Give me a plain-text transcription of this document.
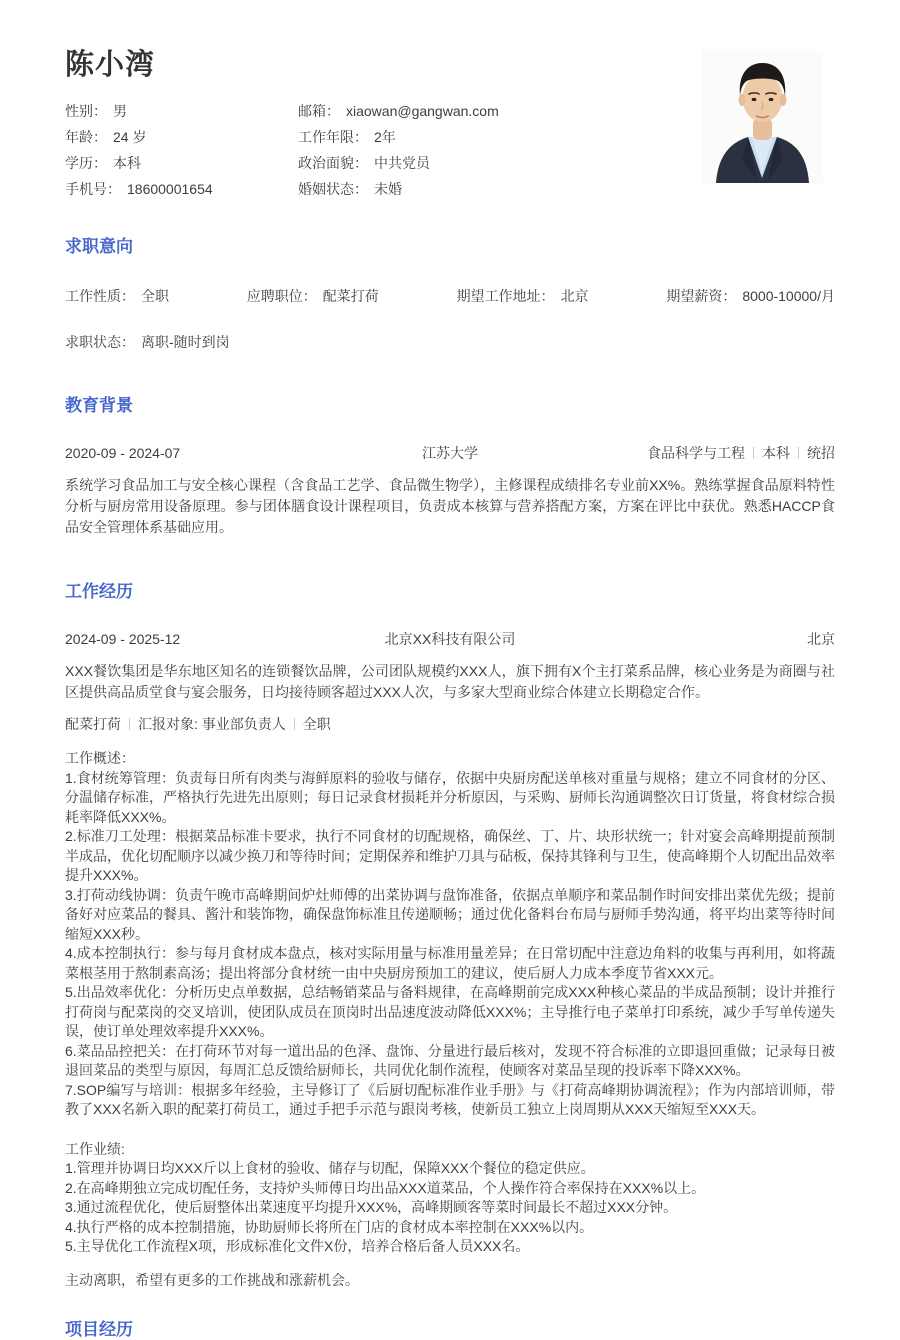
陈小湾
性别： 男	邮箱： xiaowan@gangwan.com
年龄： 24 岁	工作年限： 2年
学历： 本科	政治面貌： 中共党员
手机号： 18600001654	婚姻状态： 未婚
求职意向
工作性质： 全职	应聘职位： 配菜打荷	期望工作地址： 北京	期望薪资： 8000-10000/月
求职状态： 离职-随时到岗
教育背景
2020-09 - 2024-07	江苏大学	食品科学与工程 本科 统招
系统学习食品加工与安全核心课程（含食品工艺学、食品微生物学），主修课程成绩排名专业前XX%。熟练掌握食品原料特性分析与厨房常用设备原理。参与团体膳食设计课程项目，负责成本核算与营养搭配方案，方案在评比中获优。熟悉HACCP食品安全管理体系基础应用。
工作经历
2024-09 - 2025-12	北京XX科技有限公司	北京
XXX餐饮集团是华东地区知名的连锁餐饮品牌，公司团队规模约XXX人，旗下拥有X个主打菜系品牌，核心业务是为商圈与社区提供高品质堂食与宴会服务，日均接待顾客超过XXX人次，与多家大型商业综合体建立长期稳定合作。
配菜打荷 汇报对象: 事业部负责人 全职
工作概述：
1.食材统筹管理：负责每日所有肉类与海鲜原料的验收与储存，依据中央厨房配送单核对重量与规格；建立不同食材的分区、分温储存标准，严格执行先进先出原则；每日记录食材损耗并分析原因，与采购、厨师长沟通调整次日订货量，将食材综合损耗率降低XXX%。
2.标准刀工处理：根据菜品标准卡要求，执行不同食材的切配规格，确保丝、丁、片、块形状统一；针对宴会高峰期提前预制半成品，优化切配顺序以减少换刀和等待时间；定期保养和维护刀具与砧板，保持其锋利与卫生，使高峰期个人切配出品效率提升XXX%。
3.打荷动线协调：负责午晚市高峰期间炉灶师傅的出菜协调与盘饰准备，依据点单顺序和菜品制作时间安排出菜优先级；提前备好对应菜品的餐具、酱汁和装饰物，确保盘饰标准且传递顺畅；通过优化备料台布局与厨师手势沟通，将平均出菜等待时间缩短XXX秒。
4.成本控制执行：参与每月食材成本盘点，核对实际用量与标准用量差异；在日常切配中注意边角料的收集与再利用，如将蔬菜根茎用于熬制素高汤；提出将部分食材统一由中央厨房预加工的建议，使后厨人力成本季度节省XXX元。
5.出品效率优化：分析历史点单数据，总结畅销菜品与备料规律，在高峰期前完成XXX种核心菜品的半成品预制；设计并推行打荷岗与配菜岗的交叉培训，使团队成员在顶岗时出品速度波动降低XXX%；主导推行电子菜单打印系统，减少手写单传递失误，使订单处理效率提升XXX%。
6.菜品品控把关：在打荷环节对每一道出品的色泽、盘饰、分量进行最后核对，发现不符合标准的立即退回重做；记录每日被退回菜品的类型与原因，每周汇总反馈给厨师长，共同优化制作流程，使顾客对菜品呈现的投诉率下降XXX%。
7.SOP编写与培训：根据多年经验，主导修订了《后厨切配标准作业手册》与《打荷高峰期协调流程》；作为内部培训师，带教了XXX名新入职的配菜打荷员工，通过手把手示范与跟岗考核，使新员工独立上岗周期从XXX天缩短至XXX天。
工作业绩:
1.管理并协调日均XXX斤以上食材的验收、储存与切配，保障XXX个餐位的稳定供应。
2.在高峰期独立完成切配任务，支持炉头师傅日均出品XXX道菜品，个人操作符合率保持在XXX%以上。
3.通过流程优化，使后厨整体出菜速度平均提升XXX%，高峰期顾客等菜时间最长不超过XXX分钟。
4.执行严格的成本控制措施，协助厨师长将所在门店的食材成本率控制在XXX%以内。
5.主导优化工作流程X项，形成标准化文件X份，培养合格后备人员XXX名。
主动离职，希望有更多的工作挑战和涨薪机会。
项目经历
